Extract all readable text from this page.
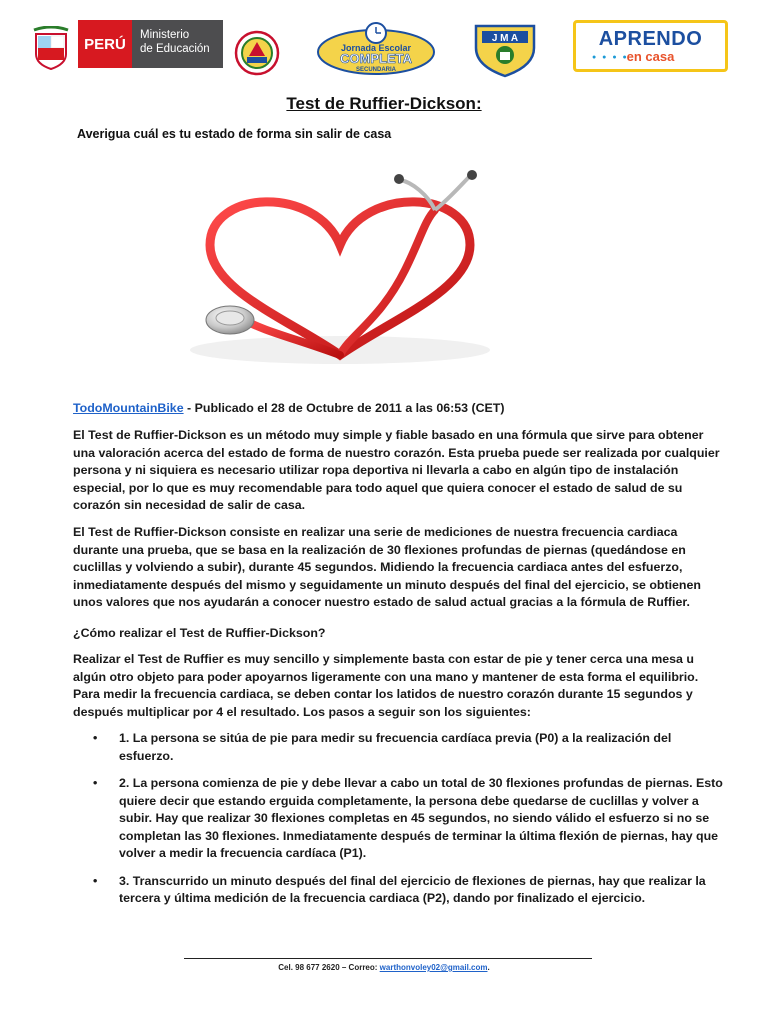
PERÚ
Ministerio
de Educación	Jornada Escolar
COMPLETA
SECUNDARIA
J M A	APRENDO
en casa
● ● ● ●
Test de Ruffier-Dickson:
Averigua cuál es tu estado de forma sin salir de casa
TodoMountainBike - Publicado el 28 de Octubre de 2011 a las 06:53 (CET)

El Test de Ruffier-Dickson es un método muy simple y fiable basado en una fórmula que sirve para obtener una valoración acerca del estado de forma de nuestro corazón. Esta prueba puede ser realizada por cualquier persona y ni siquiera es necesario utilizar ropa deportiva ni llevarla a cabo en algún tipo de instalación especial, por lo que es muy recomendable para todo aquel que quiera conocer el estado de salud de su corazón sin necesidad de salir de casa.

El Test de Ruffier-Dickson consiste en realizar una serie de mediciones de nuestra frecuencia cardiaca durante una prueba, que se basa en la realización de 30 flexiones profundas de piernas (quedándose en cuclillas y volviendo a subir), durante 45 segundos. Midiendo la frecuencia cardiaca antes del esfuerzo, inmediatamente después del mismo y seguidamente un minuto después del final del ejercicio, se obtienen unos valores que nos ayudarán a conocer nuestro estado de salud actual gracias a la fórmula de Ruffier.

¿Cómo realizar el Test de Ruffier-Dickson?

Realizar el Test de Ruffier es muy sencillo y simplemente basta con estar de pie y tener cerca una mesa u algún otro objeto para poder apoyarnos ligeramente con una mano y mantener de esta forma el equilibrio. Para medir la frecuencia cardiaca, se deben contar los latidos de nuestro corazón durante 15 segundos y después multiplicar por 4 el resultado. Los pasos a seguir son los siguientes:

• 1. La persona se sitúa de pie para medir su frecuencia cardíaca previa (P0) a la realización del esfuerzo.
• 2. La persona comienza de pie y debe llevar a cabo un total de 30 flexiones profundas de piernas. Esto quiere decir que estando erguida completamente, la persona debe quedarse de cuclillas y volver a subir. Hay que realizar 30 flexiones completas en 45 segundos, no siendo válido el esfuerzo si no se completan las 30 flexiones. Inmediatamente después de terminar la última flexión de piernas, hay que volver a medir la frecuencia cardíaca (P1).
• 3. Transcurrido un minuto después del final del ejercicio de flexiones de piernas, hay que realizar la tercera y última medición de la frecuencia cardiaca (P2), dando por finalizado el ejercicio.
Cel. 98 677 2620 – Correo: warthonvoley02@gmail.com.
